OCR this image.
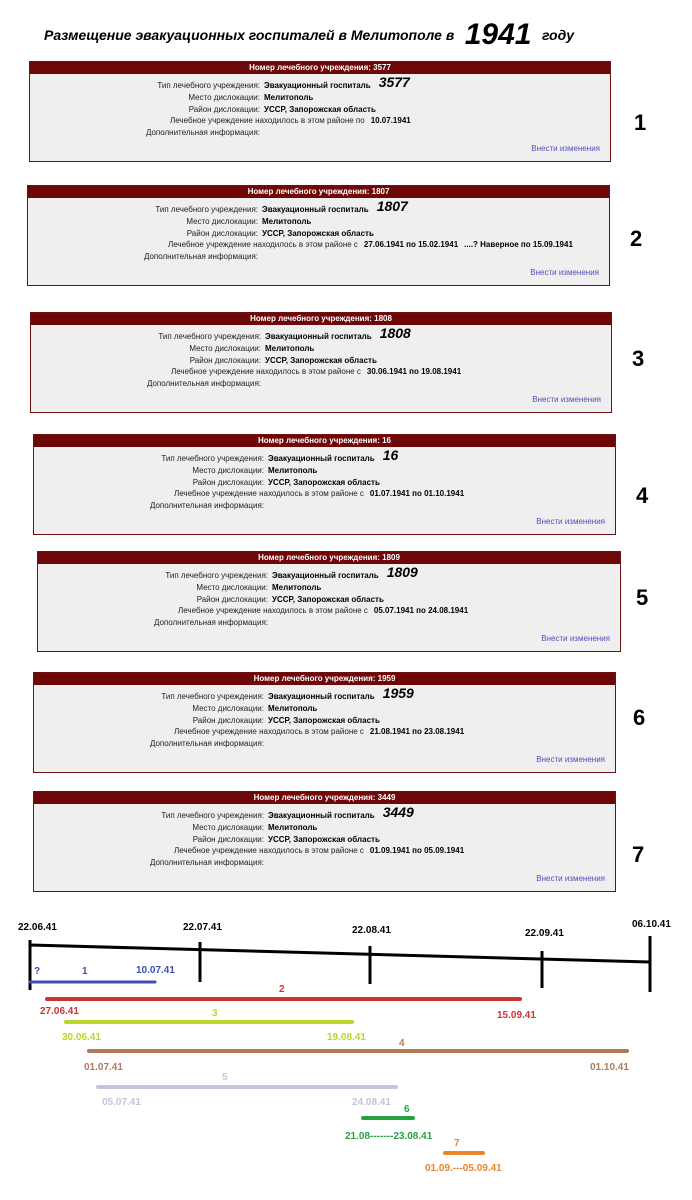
Размещение эвакуационных госпиталей в Мелитополе в 1941 году
Номер лечебного учреждения: 3577
Тип лечебного учреждения: Эвакуационный госпиталь 3577
Место дислокации: Мелитополь
Район дислокации: УССР, Запорожская область
Лечебное учреждение находилось в этом районе по 10.07.1941
Дополнительная информация:
Внести изменения
1
Номер лечебного учреждения: 1807
Тип лечебного учреждения: Эвакуационный госпиталь 1807
Место дислокации: Мелитополь
Район дислокации: УССР, Запорожская область
Лечебное учреждение находилось в этом районе с 27.06.1941 по 15.02.1941 ....? Наверное по 15.09.1941
Дополнительная информация:
Внести изменения
2
Номер лечебного учреждения: 1808
Тип лечебного учреждения: Эвакуационный госпиталь 1808
Место дислокации: Мелитополь
Район дислокации: УССР, Запорожская область
Лечебное учреждение находилось в этом районе с 30.06.1941 по 19.08.1941
Дополнительная информация:
Внести изменения
3
Номер лечебного учреждения: 16
Тип лечебного учреждения: Эвакуационный госпиталь 16
Место дислокации: Мелитополь
Район дислокации: УССР, Запорожская область
Лечебное учреждение находилось в этом районе с 01.07.1941 по 01.10.1941
Дополнительная информация:
Внести изменения
4
Номер лечебного учреждения: 1809
Тип лечебного учреждения: Эвакуационный госпиталь 1809
Место дислокации: Мелитополь
Район дислокации: УССР, Запорожская область
Лечебное учреждение находилось в этом районе с 05.07.1941 по 24.08.1941
Дополнительная информация:
Внести изменения
5
Номер лечебного учреждения: 1959
Тип лечебного учреждения: Эвакуационный госпиталь 1959
Место дислокации: Мелитополь
Район дислокации: УССР, Запорожская область
Лечебное учреждение находилось в этом районе с 21.08.1941 по 23.08.1941
Дополнительная информация:
Внести изменения
6
Номер лечебного учреждения: 3449
Тип лечебного учреждения: Эвакуационный госпиталь 3449
Место дислокации: Мелитополь
Район дислокации: УССР, Запорожская область
Лечебное учреждение находилось в этом районе с 01.09.1941 по 05.09.1941
Дополнительная информация:
Внести изменения
7
22.06.41	22.07.41	22.08.41	22.09.41
06.10.41
1
?	10.07.41
2
27.06.41	15.09.41
3
30.06.41	19.08.41
4
01.07.41	01.10.41
5
05.07.41	24.08.41
6
21.08-------23.08.41
7
01.09.---05.09.41
